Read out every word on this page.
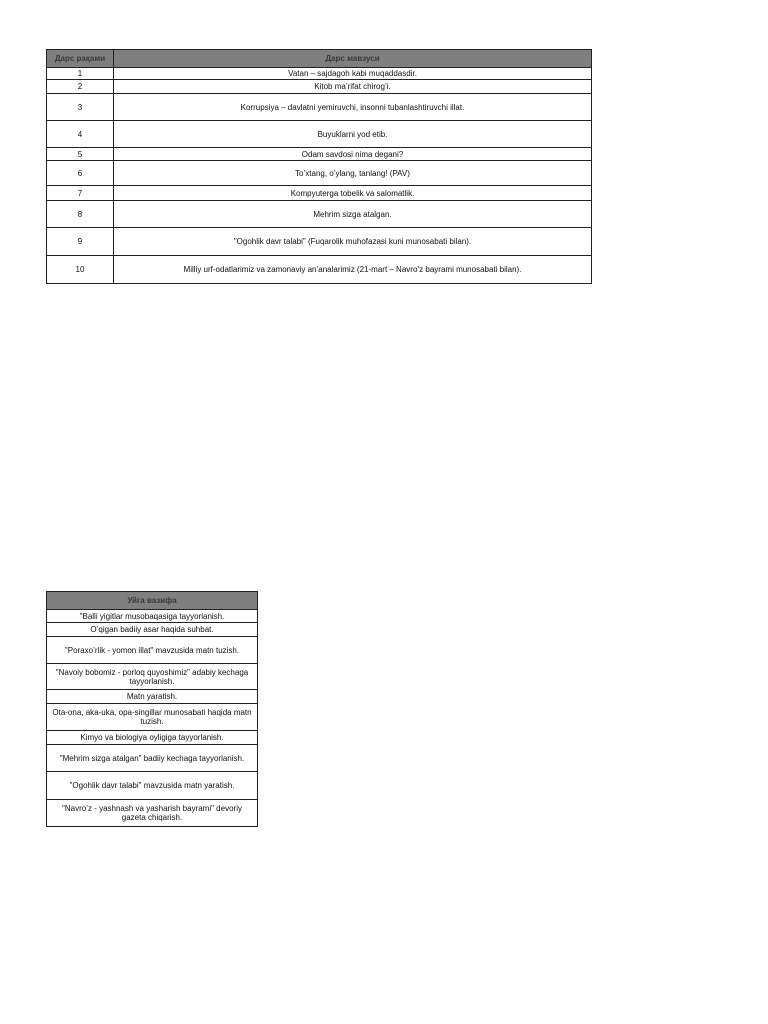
Дарс рақами	Дарс мавзуси
1	Vatan – sajdagoh kabi muqaddasdir.
2	Kitob ma’rifat chirog’i.
3	Korrupsiya – davlatni yemiruvchi, insonni tubanlashtiruvchi illat.
4	Buyuklarni yod etib.
5	Odam savdosi nima degani?
6	To’xtang, o’ylang, tanlang! (PAV)
7	Kompyuterga tobelik va salomatlik.
8	Mehrim sizga atalgan.
9	"Ogohlik davr talabi" (Fuqarolik muhofazasi kuni munosabati bilan).
10	Milliy urf-odatlarimiz va zamonaviy an’analarimiz (21-mart – Navro’z bayrami munosabati bilan).
Уйга вазифа
"Balli yigitlar musobaqasiga tayyorlanish.
O’qigan badiiy asar haqida suhbat.
"Poraxo’rlik - yomon illat" mavzusida matn tuzish.
"Navoiy bobomiz - porloq quyoshimiz" adabiy kechaga tayyorlanish.
Matn yaratish.
Ota-ona, aka-uka, opa-singillar munosabati haqida matn tuzish.
Kimyo va biologiya oyligiga tayyorlanish.
"Mehrim sizga atalgan" badiiy kechaga tayyorlanish.
"Ogohlik davr talabi" mavzusida matn yaratish.
"Navro’z - yashnash va yasharish bayrami" devoriy gazeta chiqarish.
